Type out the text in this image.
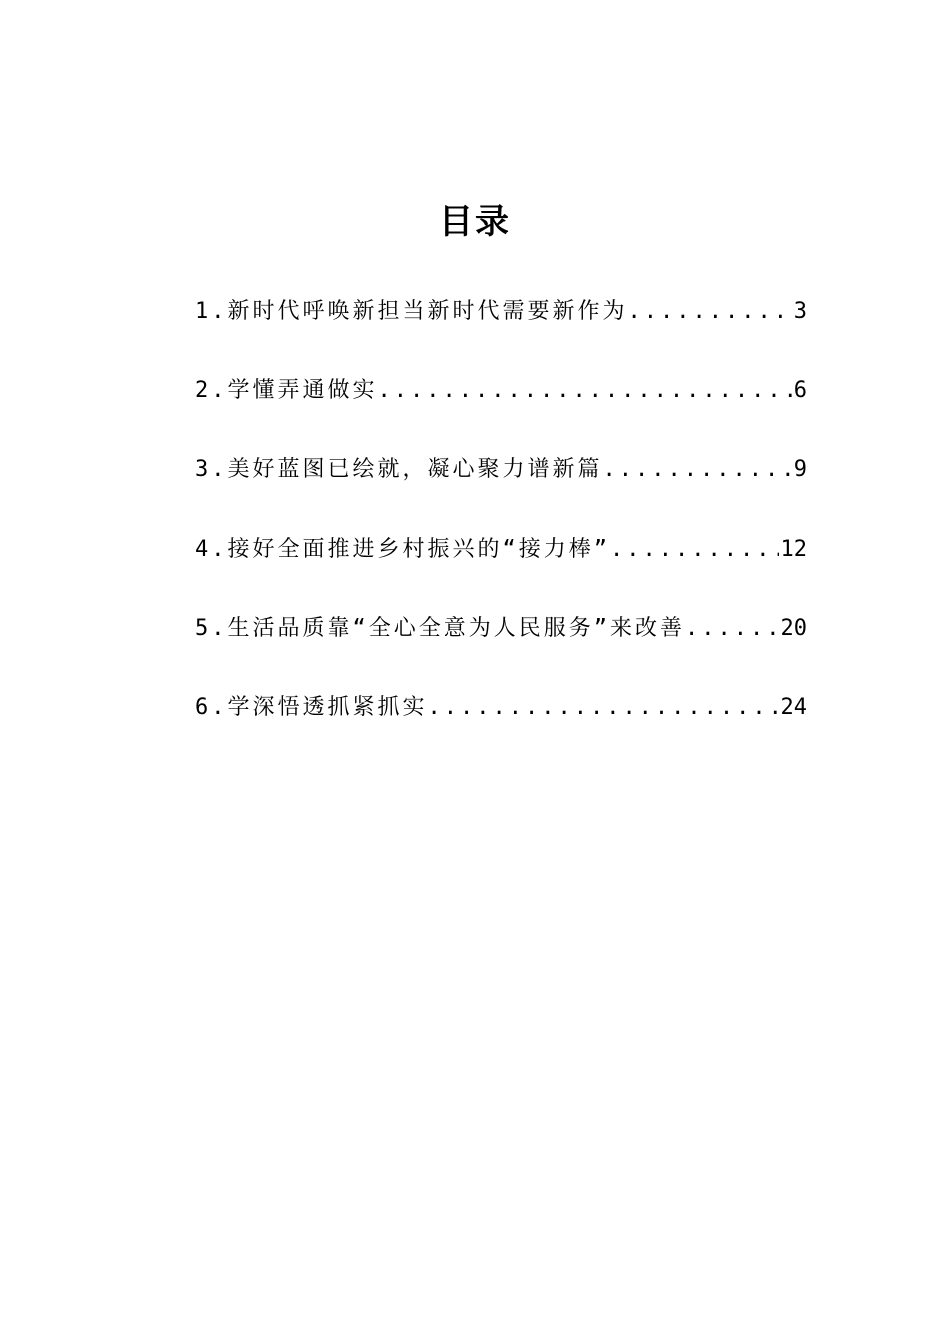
目录
1.新时代呼唤新担当新时代需要新作为 .....	3
2.学懂弄通做实 .....	6
3.美好蓝图已绘就，凝心聚力谱新篇 .....	9
4.接好全面推进乡村振兴的“接力棒” .....	12
5.生活品质靠“全心全意为人民服务”来改善 .....	20
6.学深悟透抓紧抓实 .....	24
